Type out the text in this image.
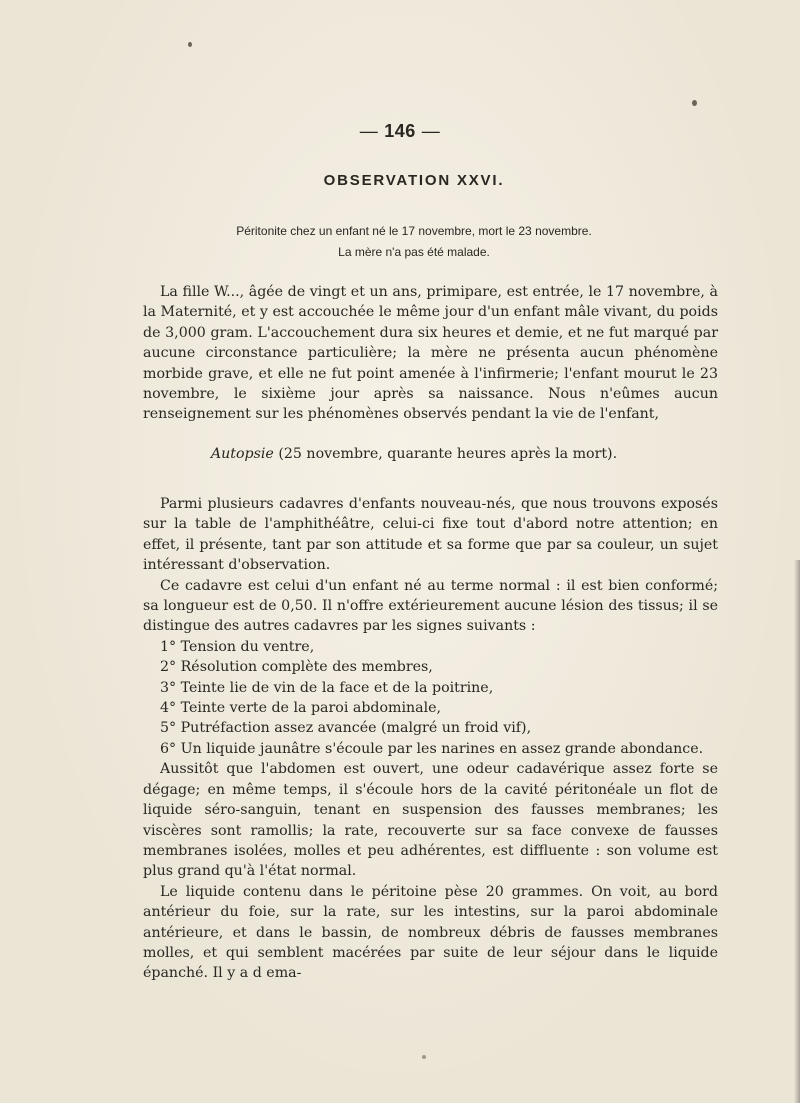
— 146 —
OBSERVATION XXVI.
Péritonite chez un enfant né le 17 novembre, mort le 23 novembre.
La mère n'a pas été malade.

La fille W..., âgée de vingt et un ans, primipare, est entrée, le 17 novembre, à la Maternité, et y est accouchée le même jour d'un enfant mâle vivant, du poids de 3,000 gram. L'accouchement dura six heures et demie, et ne fut marqué par aucune circonstance particulière; la mère ne présenta aucun phénomène morbide grave, et elle ne fut point amenée à l'infirmerie; l'enfant mourut le 23 novembre, le sixième jour après sa naissance. Nous n'eûmes aucun renseignement sur les phénomènes observés pendant la vie de l'enfant,

Autopsie (25 novembre, quarante heures après la mort).

Parmi plusieurs cadavres d'enfants nouveau-nés, que nous trouvons exposés sur la table de l'amphithéâtre, celui-ci fixe tout d'abord notre attention; en effet, il présente, tant par son attitude et sa forme que par sa couleur, un sujet intéressant d'observation.

Ce cadavre est celui d'un enfant né au terme normal : il est bien conformé; sa longueur est de 0,50. Il n'offre extérieurement aucune lésion des tissus; il se distingue des autres cadavres par les signes suivants :

1° Tension du ventre,

2° Résolution complète des membres,

3° Teinte lie de vin de la face et de la poitrine,

4° Teinte verte de la paroi abdominale,

5° Putréfaction assez avancée (malgré un froid vif),

6° Un liquide jaunâtre s'écoule par les narines en assez grande abondance.

Aussitôt que l'abdomen est ouvert, une odeur cadavérique assez forte se dégage; en même temps, il s'écoule hors de la cavité péritonéale un flot de liquide séro-sanguin, tenant en suspension des fausses membranes; les viscères sont ramollis; la rate, recouverte sur sa face convexe de fausses membranes isolées, molles et peu adhérentes, est diffluente : son volume est plus grand qu'à l'état normal.

Le liquide contenu dans le péritoine pèse 20 grammes. On voit, au bord antérieur du foie, sur la rate, sur les intestins, sur la paroi abdominale antérieure, et dans le bassin, de nombreux débris de fausses membranes molles, et qui semblent macérées par suite de leur séjour dans le liquide épanché. Il y a d ema-
